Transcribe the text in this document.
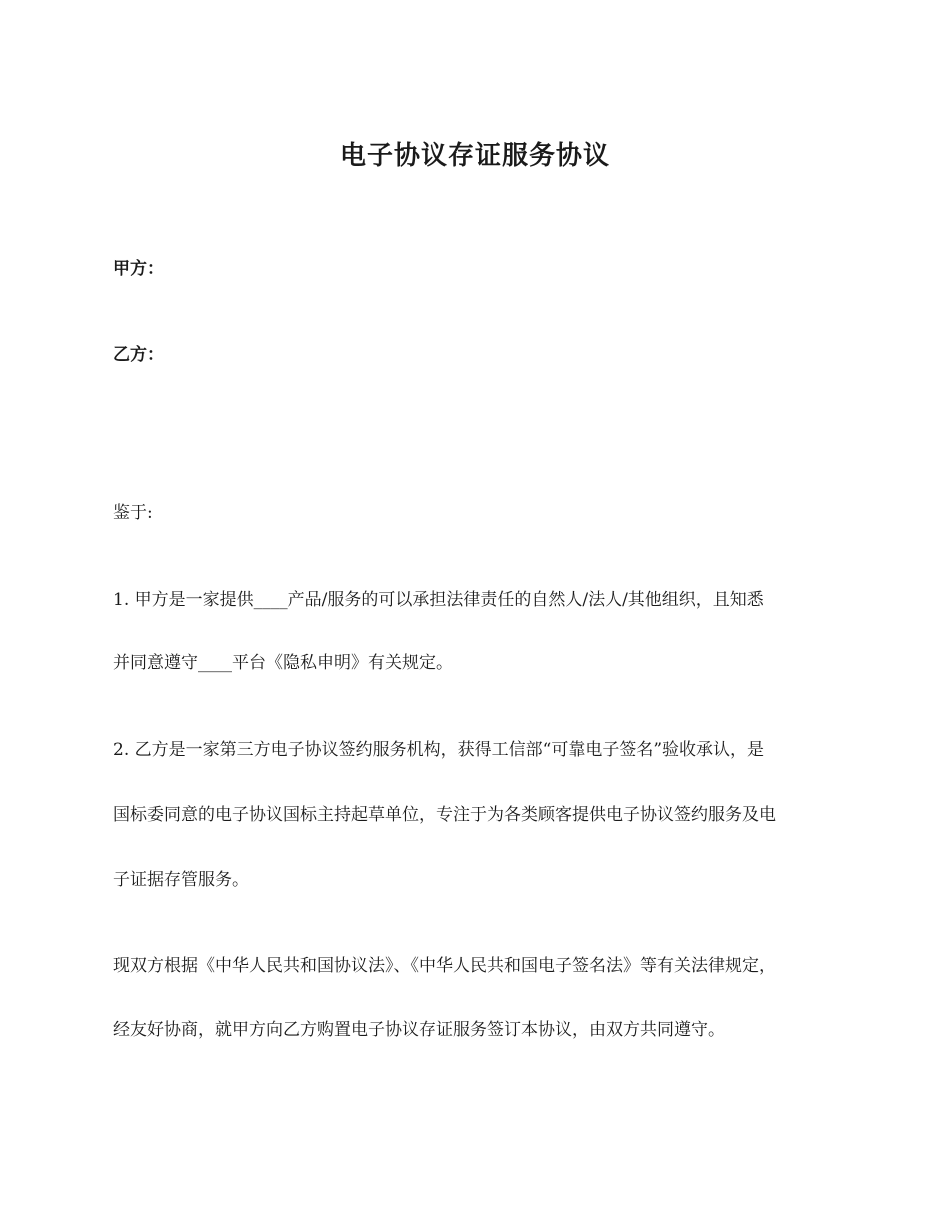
电子协议存证服务协议
甲方：
乙方：
鉴于:
1. 甲方是一家提供____产品/服务的可以承担法律责任的自然人/法人/其他组织，且知悉
并同意遵守____平台《隐私申明》有关规定。
2. 乙方是一家第三方电子协议签约服务机构，获得工信部“可靠电子签名”验收承认，是
国标委同意的电子协议国标主持起草单位，专注于为各类顾客提供电子协议签约服务及电
子证据存管服务。
现双方根据《中华人民共和国协议法》、《中华人民共和国电子签名法》等有关法律规定，
经友好协商，就甲方向乙方购置电子协议存证服务签订本协议，由双方共同遵守。
